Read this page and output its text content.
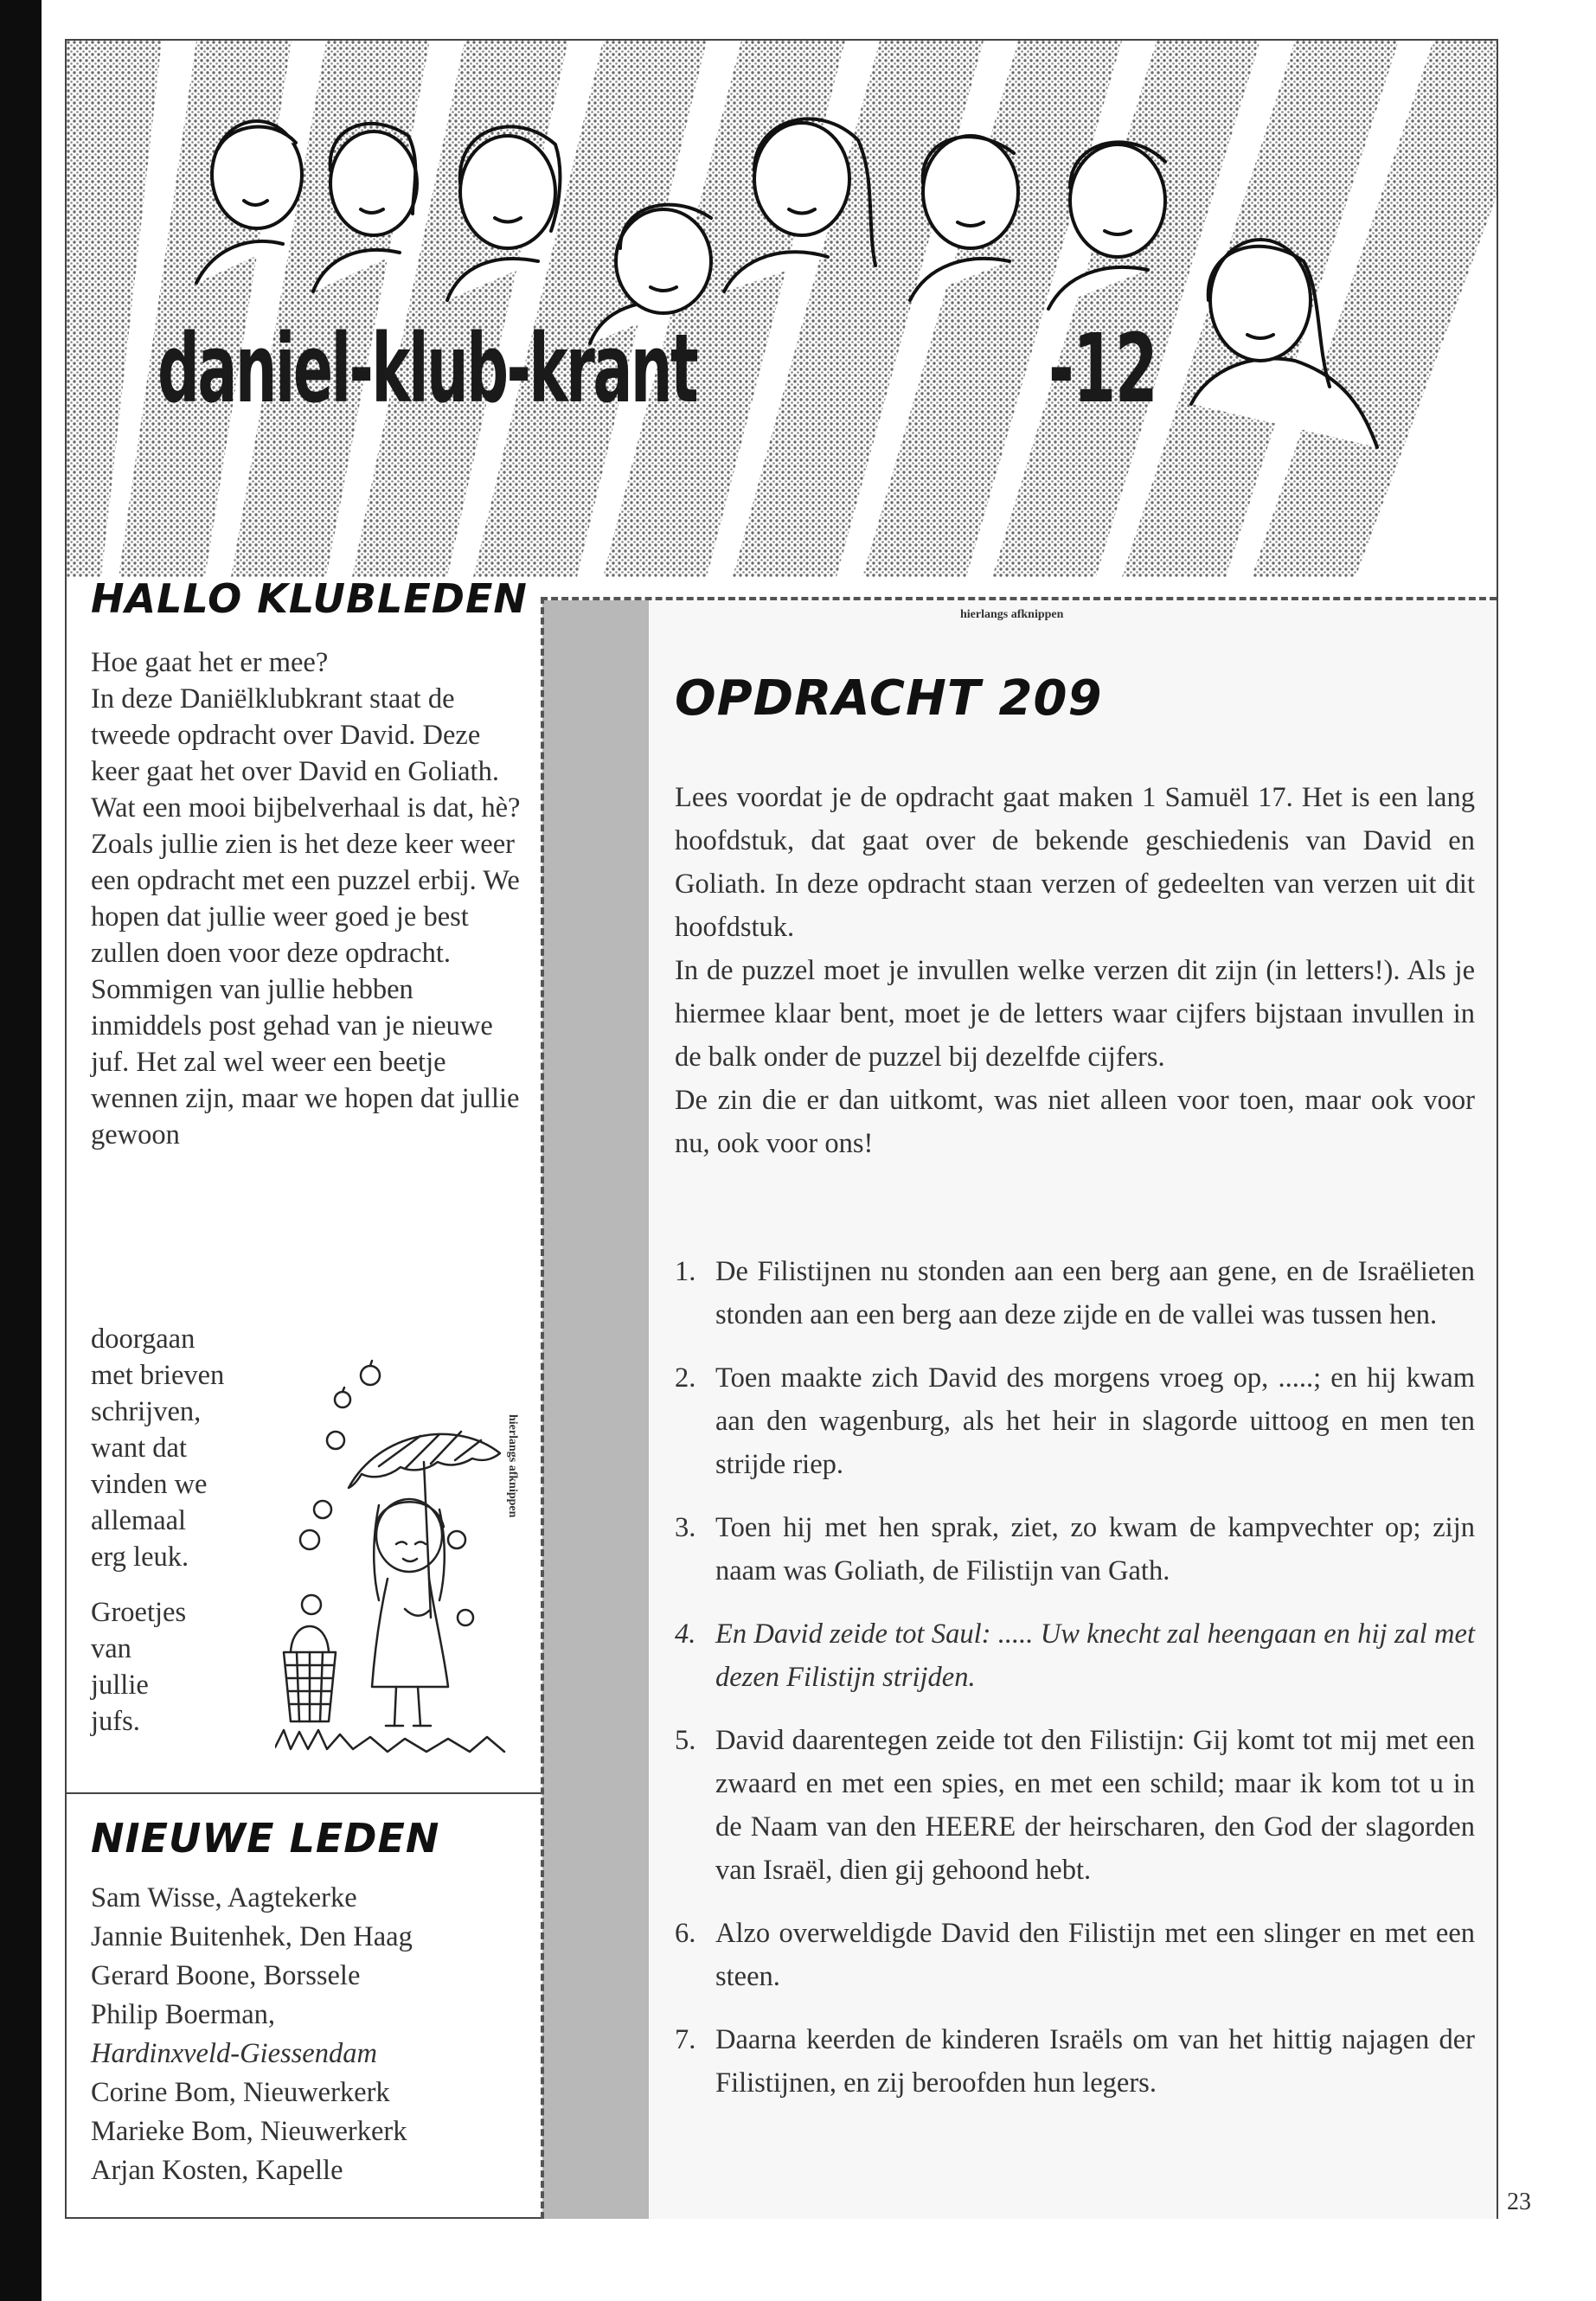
daniel-klub-krant	-12
HALLO KLUBLEDEN

Hoe gaat het er mee?

In deze Daniëlklubkrant staat de tweede opdracht over David. Deze keer gaat het over David en Goliath. Wat een mooi bijbelverhaal is dat, hè?

Zoals jullie zien is het deze keer weer een opdracht met een puzzel erbij. We hopen dat jullie weer goed je best zullen doen voor deze opdracht.

Sommigen van jullie hebben inmiddels post gehad van je nieuwe juf. Het zal wel weer een beetje wennen zijn, maar we hopen dat jullie gewoon

doorgaan
met brieven
schrijven,
want dat
vinden we
allemaal
erg leuk.
Groetjes
van
jullie
jufs.
NIEUWE LEDEN
Sam Wisse, Aagtekerke
Jannie Buitenhek, Den Haag
Gerard Boone, Borssele
Philip Boerman,
Hardinxveld-Giessendam
Corine Bom, Nieuwerkerk
Marieke Bom, Nieuwerkerk
Arjan Kosten, Kapelle
hierlangs afknippen
hierlangs afknippen
OPDRACHT 209

Lees voordat je de opdracht gaat maken 1 Samuël 17. Het is een lang hoofdstuk, dat gaat over de bekende geschiedenis van David en Goliath. In deze opdracht staan verzen of gedeelten van verzen uit dit hoofdstuk.

In de puzzel moet je invullen welke verzen dit zijn (in letters!). Als je hiermee klaar bent, moet je de letters waar cijfers bijstaan invullen in de balk onder de puzzel bij dezelfde cijfers.

De zin die er dan uitkomt, was niet alleen voor toen, maar ook voor nu, ook voor ons!

1. De Filistijnen nu stonden aan een berg aan gene, en de Israëlieten stonden aan een berg aan deze zijde en de vallei was tussen hen.
2. Toen maakte zich David des morgens vroeg op, .....; en hij kwam aan den wagenburg, als het heir in slagorde uittoog en men ten strijde riep.
3. Toen hij met hen sprak, ziet, zo kwam de kampvechter op; zijn naam was Goliath, de Filistijn van Gath.
4. En David zeide tot Saul: ..... Uw knecht zal heengaan en hij zal met dezen Filistijn strijden.
5. David daarentegen zeide tot den Filistijn: Gij komt tot mij met een zwaard en met een spies, en met een schild; maar ik kom tot u in de Naam van den HEERE der heirscharen, den God der slagorden van Israël, dien gij gehoond hebt.
6. Alzo overweldigde David den Filistijn met een slinger en met een steen.
7. Daarna keerden de kinderen Israëls om van het hittig najagen der Filistijnen, en zij beroofden hun legers.
23
